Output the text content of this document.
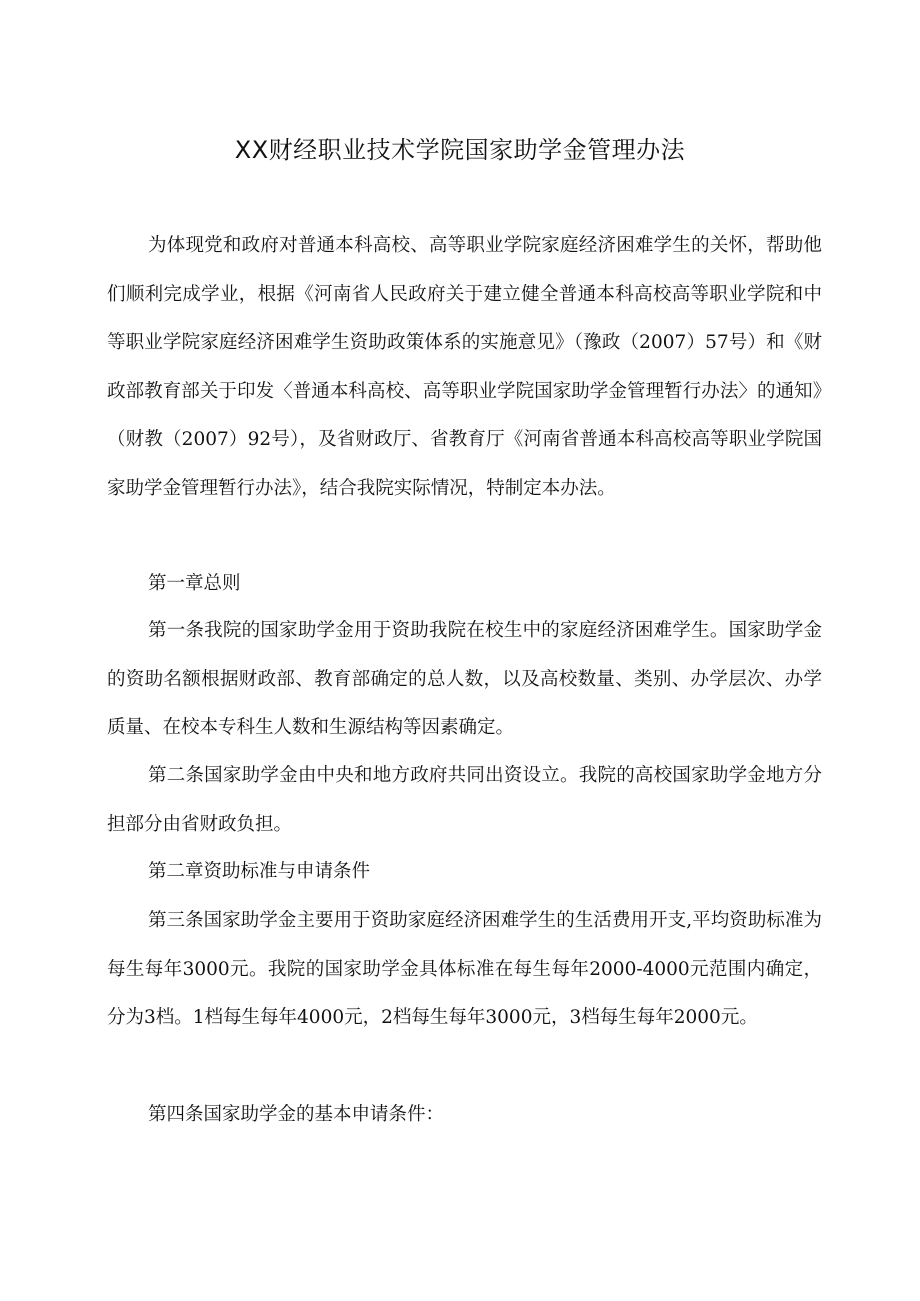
XX财经职业技术学院国家助学金管理办法

为体现党和政府对普通本科高校、高等职业学院家庭经济困难学生的关怀，帮助他们顺利完成学业，根据《河南省人民政府关于建立健全普通本科高校高等职业学院和中等职业学院家庭经济困难学生资助政策体系的实施意见》（豫政（2007）57号）和《财政部教育部关于印发〈普通本科高校、高等职业学院国家助学金管理暂行办法〉的通知》（财教（2007）92号），及省财政厅、省教育厅《河南省普通本科高校高等职业学院国家助学金管理暂行办法》，结合我院实际情况，特制定本办法。

第一章总则

第一条我院的国家助学金用于资助我院在校生中的家庭经济困难学生。国家助学金的资助名额根据财政部、教育部确定的总人数，以及高校数量、类别、办学层次、办学质量、在校本专科生人数和生源结构等因素确定。

第二条国家助学金由中央和地方政府共同出资设立。我院的高校国家助学金地方分担部分由省财政负担。

第二章资助标准与申请条件

第三条国家助学金主要用于资助家庭经济困难学生的生活费用开支,平均资助标准为每生每年3000元。我院的国家助学金具体标准在每生每年2000-4000元范围内确定，分为3档。1档每生每年4000元，2档每生每年3000元，3档每生每年2000元。

第四条国家助学金的基本申请条件：
